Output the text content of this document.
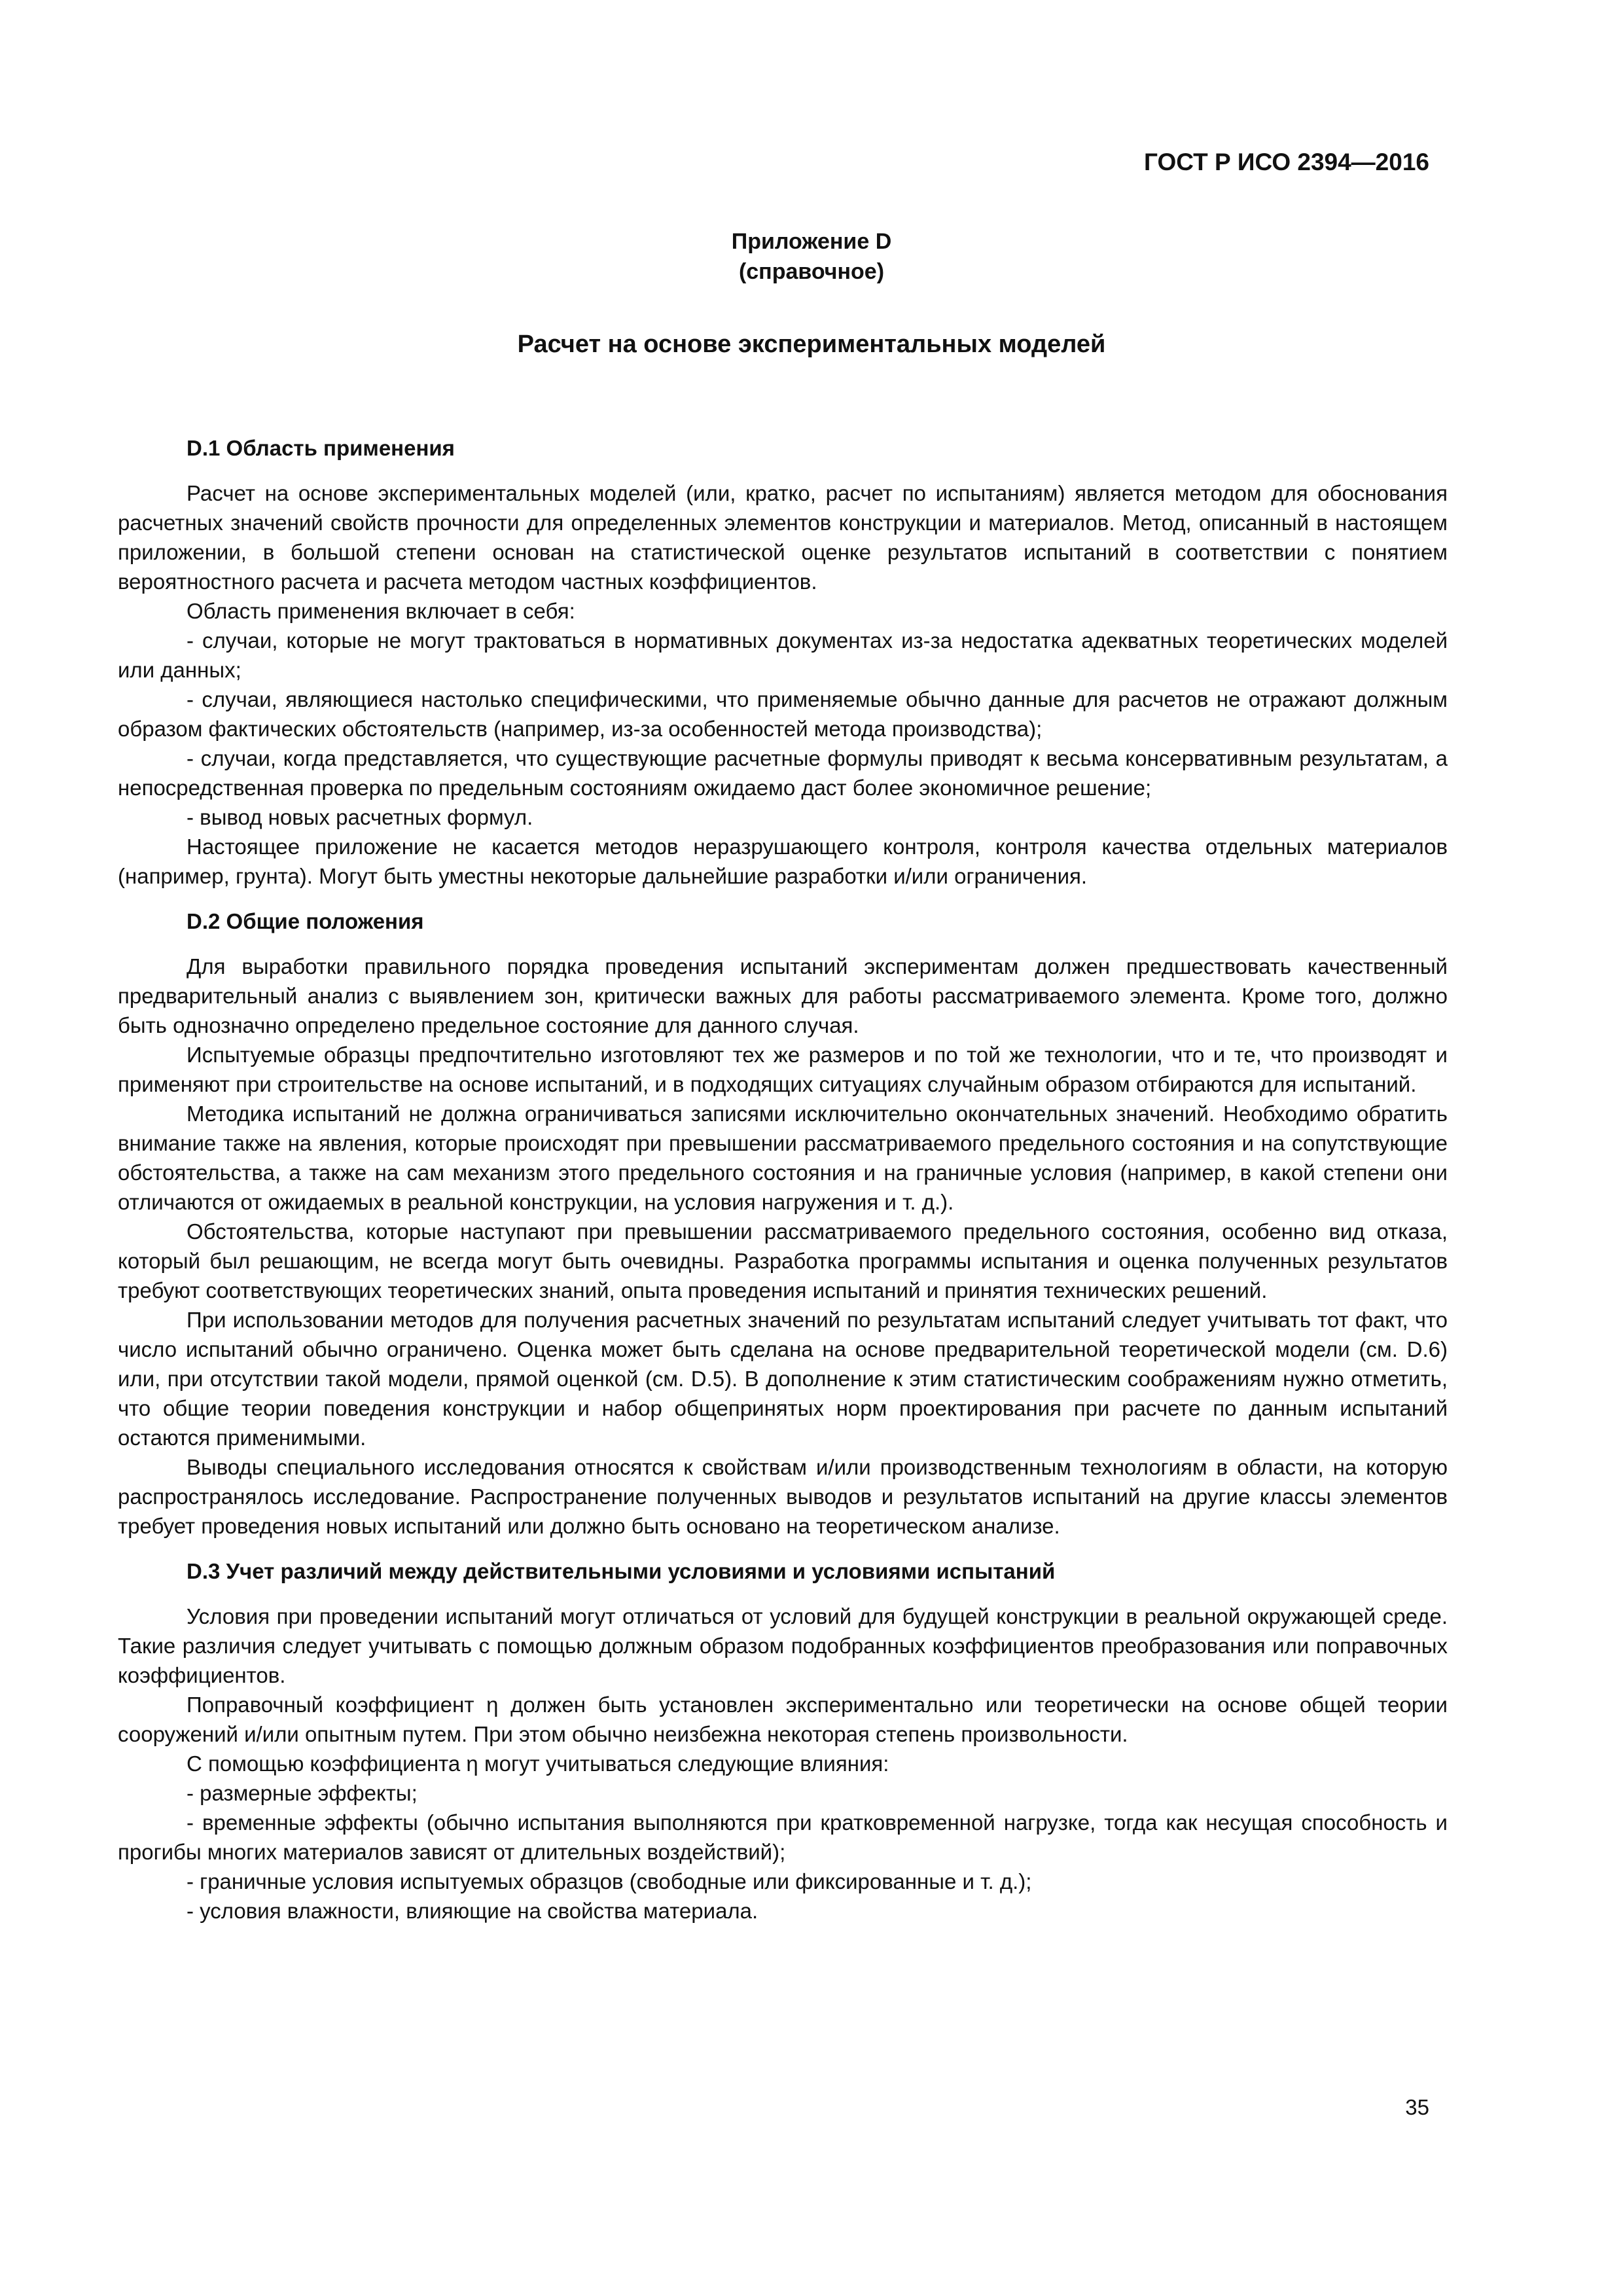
ГОСТ Р ИСО 2394—2016
Приложение D
(справочное)
Расчет на основе экспериментальных моделей
D.1 Область применения

Расчет на основе экспериментальных моделей (или, кратко, расчет по испытаниям) является методом для обоснования расчетных значений свойств прочности для определенных элементов конструкции и материалов. Метод, описанный в настоящем приложении, в большой степени основан на статистической оценке результатов испытаний в соответствии с понятием вероятностного расчета и расчета методом частных коэффициентов.

Область применения включает в себя:

- случаи, которые не могут трактоваться в нормативных документах из-за недостатка адекватных теоретических моделей или данных;

- случаи, являющиеся настолько специфическими, что применяемые обычно данные для расчетов не отражают должным образом фактических обстоятельств (например, из-за особенностей метода производства);

- случаи, когда представляется, что существующие расчетные формулы приводят к весьма консервативным результатам, а непосредственная проверка по предельным состояниям ожидаемо даст более экономичное решение;

- вывод новых расчетных формул.

Настоящее приложение не касается методов неразрушающего контроля, контроля качества отдельных материалов (например, грунта). Могут быть уместны некоторые дальнейшие разработки и/или ограничения.

D.2 Общие положения

Для выработки правильного порядка проведения испытаний экспериментам должен предшествовать качественный предварительный анализ с выявлением зон, критически важных для работы рассматриваемого элемента. Кроме того, должно быть однозначно определено предельное состояние для данного случая.

Испытуемые образцы предпочтительно изготовляют тех же размеров и по той же технологии, что и те, что производят и применяют при строительстве на основе испытаний, и в подходящих ситуациях случайным образом отбираются для испытаний.

Методика испытаний не должна ограничиваться записями исключительно окончательных значений. Необходимо обратить внимание также на явления, которые происходят при превышении рассматриваемого предельного состояния и на сопутствующие обстоятельства, а также на сам механизм этого предельного состояния и на граничные условия (например, в какой степени они отличаются от ожидаемых в реальной конструкции, на условия нагружения и т. д.).

Обстоятельства, которые наступают при превышении рассматриваемого предельного состояния, особенно вид отказа, который был решающим, не всегда могут быть очевидны. Разработка программы испытания и оценка полученных результатов требуют соответствующих теоретических знаний, опыта проведения испытаний и принятия технических решений.

При использовании методов для получения расчетных значений по результатам испытаний следует учитывать тот факт, что число испытаний обычно ограничено. Оценка может быть сделана на основе предварительной теоретической модели (см. D.6) или, при отсутствии такой модели, прямой оценкой (см. D.5). В дополнение к этим статистическим соображениям нужно отметить, что общие теории поведения конструкции и набор общепринятых норм проектирования при расчете по данным испытаний остаются применимыми.

Выводы специального исследования относятся к свойствам и/или производственным технологиям в области, на которую распространялось исследование. Распространение полученных выводов и результатов испытаний на другие классы элементов требует проведения новых испытаний или должно быть основано на теоретическом анализе.

D.3 Учет различий между действительными условиями и условиями испытаний

Условия при проведении испытаний могут отличаться от условий для будущей конструкции в реальной окружающей среде. Такие различия следует учитывать с помощью должным образом подобранных коэффициентов преобразования или поправочных коэффициентов.

Поправочный коэффициент η должен быть установлен экспериментально или теоретически на основе общей теории сооружений и/или опытным путем. При этом обычно неизбежна некоторая степень произвольности.

С помощью коэффициента η могут учитываться следующие влияния:

- размерные эффекты;

- временные эффекты (обычно испытания выполняются при кратковременной нагрузке, тогда как несущая способность и прогибы многих материалов зависят от длительных воздействий);

- граничные условия испытуемых образцов (свободные или фиксированные и т. д.);

- условия влажности, влияющие на свойства материала.

35
